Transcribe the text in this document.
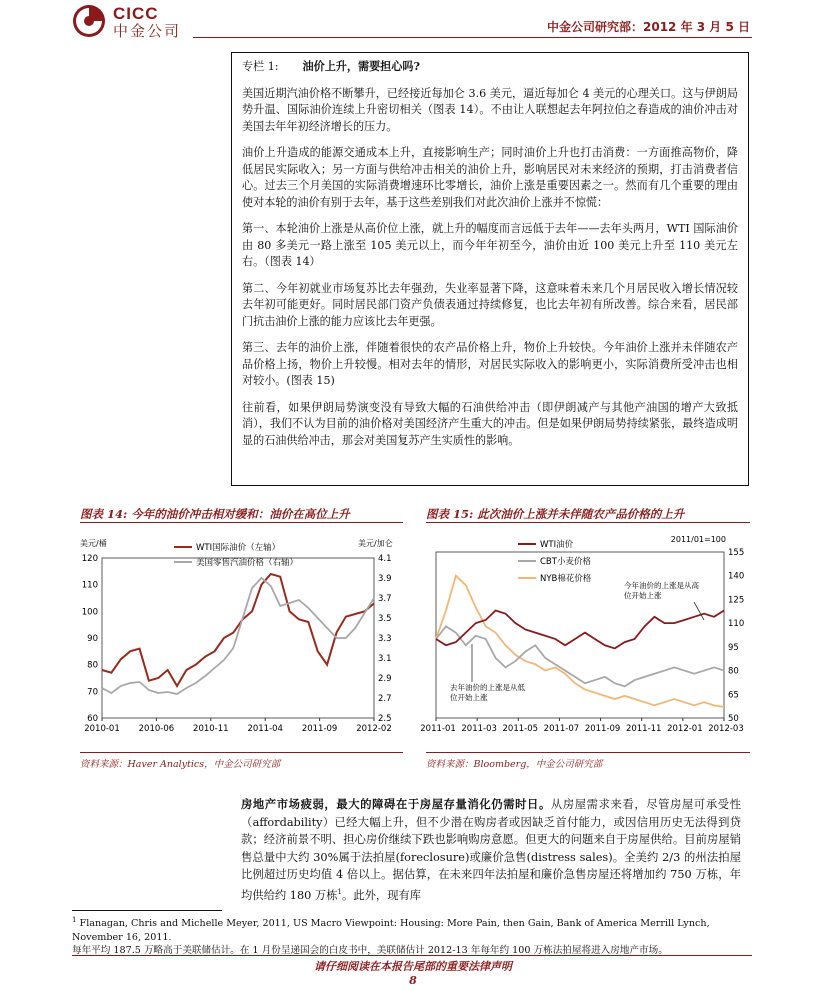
CICC
中金公司	中金公司研究部：2012 年 3 月 5 日

专栏 1: 油价上升，需要担心吗?

美国近期汽油价格不断攀升，已经接近每加仑 3.6 美元，逼近每加仑 4 美元的心理关口。这与伊朗局势升温、国际油价连续上升密切相关（图表 14）。不由让人联想起去年阿拉伯之春造成的油价冲击对美国去年年初经济增长的压力。

油价上升造成的能源交通成本上升，直接影响生产；同时油价上升也打击消费：一方面推高物价，降低居民实际收入；另一方面与供给冲击相关的油价上升，影响居民对未来经济的预期，打击消费者信心。过去三个月美国的实际消费增速环比零增长，油价上涨是重要因素之一。然而有几个重要的理由使对本轮的油价有别于去年，基于这些差别我们对此次油价上涨并不惊慌：

第一、本轮油价上涨是从高价位上涨，就上升的幅度而言远低于去年——去年头两月，WTI 国际油价由 80 多美元一路上涨至 105 美元以上，而今年年初至今，油价由近 100 美元上升至 110 美元左右。（图表 14）

第二、今年初就业市场复苏比去年强劲，失业率显著下降，这意味着未来几个月居民收入增长情况较去年初可能更好。同时居民部门资产负债表通过持续修复，也比去年初有所改善。综合来看，居民部门抗击油价上涨的能力应该比去年更强。

第三、去年的油价上涨，伴随着很快的农产品价格上升，物价上升较快。今年油价上涨并未伴随农产品价格上扬，物价上升较慢。相对去年的情形，对居民实际收入的影响更小，实际消费所受冲击也相对较小。(图表 15)

往前看，如果伊朗局势演变没有导致大幅的石油供给冲击（即伊朗减产与其他产油国的增产大致抵消），我们不认为目前的油价格对美国经济产生重大的冲击。但是如果伊朗局势持续紧张，最终造成明显的石油供给冲击，那会对美国复苏产生实质性的影响。

图表 14: 今年的油价冲击相对缓和：油价在高位上升
美元/桶	美元/加仑
60
70
80
90
100
110
120
2.5
2.7
2.9
3.1
3.3
3.5
3.7
3.9
4.1
2010-01 2010-06 2010-11 2011-04 2011-09 2012-02
WTI国际油价（左轴）
美国零售汽油价格（右轴）
资料来源：Haver Analytics，中金公司研究部
图表 15: 此次油价上涨并未伴随农产品价格的上升
2011/01=100
50
65
80
95
110
125
140
155
2011-01 2011-03 2011-05 2011-07 2011-09 2011-11 2012-01 2012-03
WTI油价
CBT小麦价格
NYB棉花价格
今年油价的上涨是从高
位开始上涨
去年油价的上涨是从低
位开始上涨
资料来源：Bloomberg，中金公司研究部
房地产市场疲弱，最大的障碍在于房屋存量消化仍需时日。从房屋需求来看，尽管房屋可承受性（affordability）已经大幅上升，但不少潜在购房者或因缺乏首付能力，或因信用历史无法得到贷款；经济前景不明、担心房价继续下跌也影响购房意愿。但更大的问题来自于房屋供给。目前房屋销售总量中大约 30%属于法拍屋(foreclosure)或廉价急售(distress sales)。全美约 2/3 的州法拍屋比例超过历史均值 4 倍以上。据估算，在未来四年法拍屋和廉价急售房屋还将增加约 750 万栋，年均供给约 180 万栋$^1$。此外，现有库
$^1$ Flanagan, Chris and Michelle Meyer, 2011, US Macro Viewpoint: Housing: More Pain, then Gain, Bank of America Merrill Lynch, November 16, 2011.
每年平均 187.5 万略高于美联储估计。在 1 月份呈递国会的白皮书中，美联储估计 2012-13 年每年约 100 万栋法拍屋将进入房地产市场。
请仔细阅读在本报告尾部的重要法律声明
8
